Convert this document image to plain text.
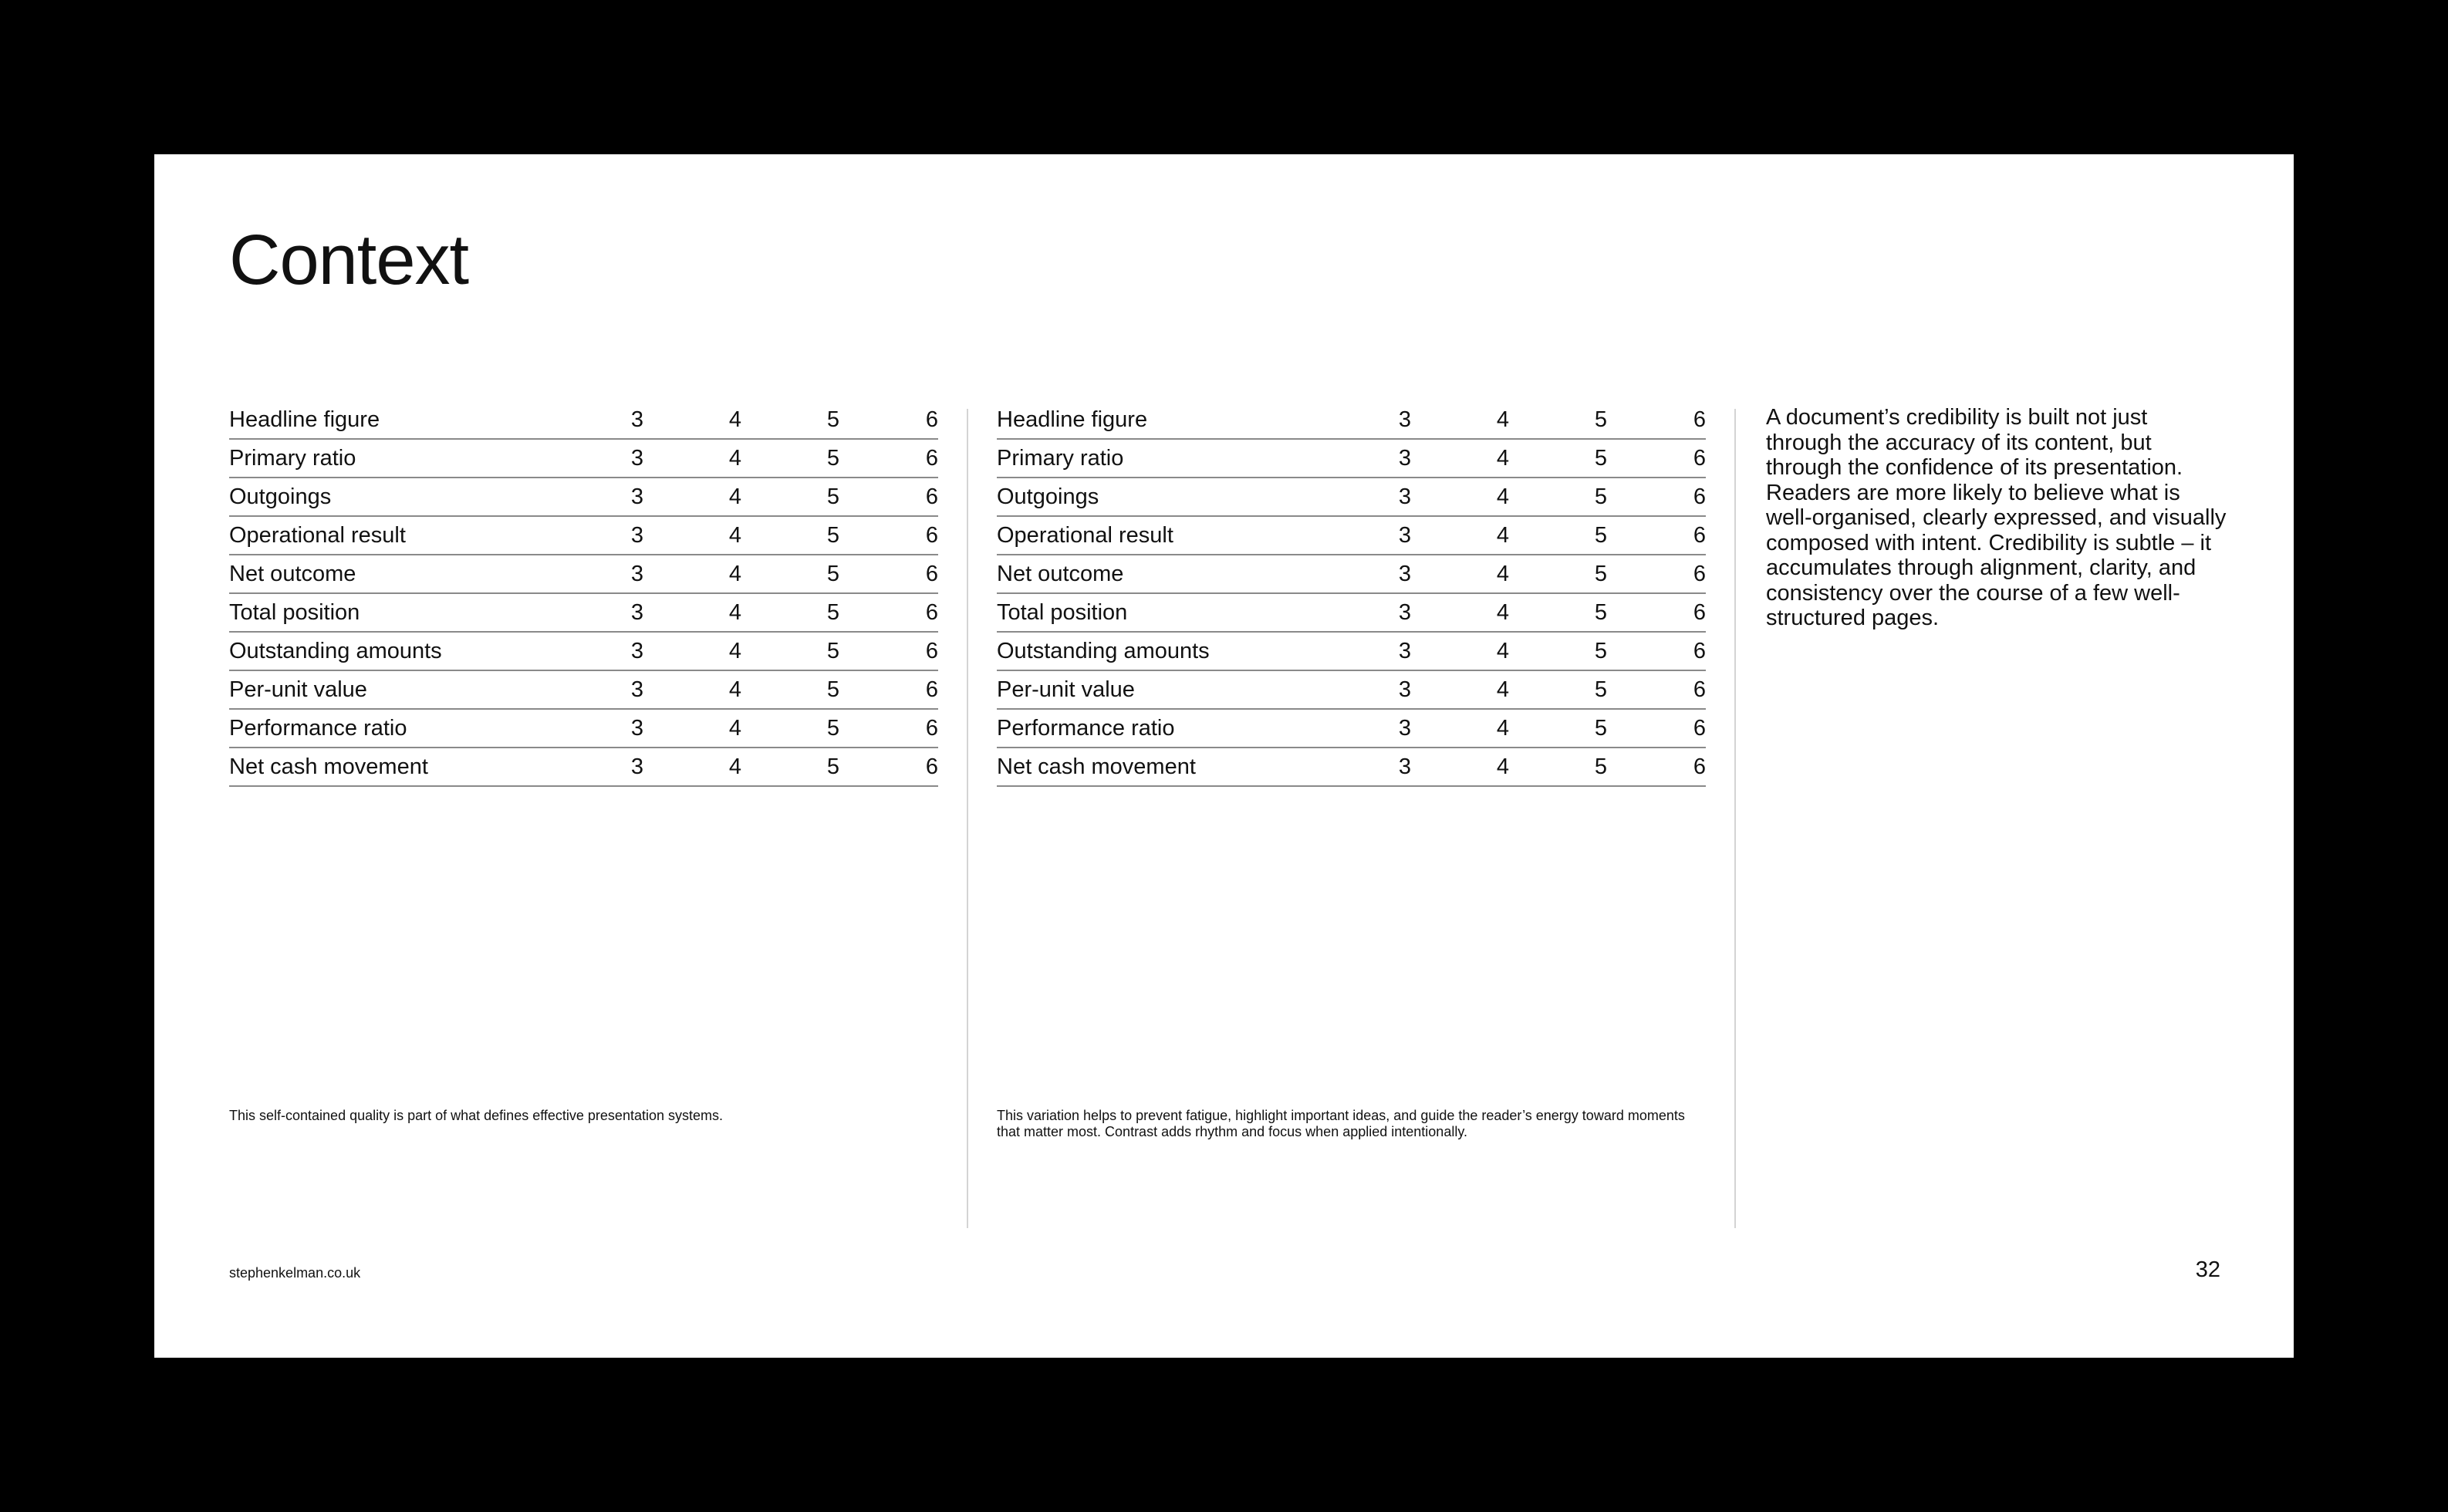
Context
Headline figure	3	4	5	6
Primary ratio	3	4	5	6
Outgoings	3	4	5	6
Operational result	3	4	5	6
Net outcome	3	4	5	6
Total position	3	4	5	6
Outstanding amounts	3	4	5	6
Per-unit value	3	4	5	6
Performance ratio	3	4	5	6
Net cash movement	3	4	5	6
Headline figure	3	4	5	6
Primary ratio	3	4	5	6
Outgoings	3	4	5	6
Operational result	3	4	5	6
Net outcome	3	4	5	6
Total position	3	4	5	6
Outstanding amounts	3	4	5	6
Per-unit value	3	4	5	6
Performance ratio	3	4	5	6
Net cash movement	3	4	5	6

A document’s credibility is built not just through the accuracy of its content, but through the confidence of its presentation. Readers are more likely to believe what is well-organised, clearly expressed, and visually composed with intent. Credibility is subtle – it accumulates through alignment, clarity, and consistency over the course of a few well-structured pages.

This self-contained quality is part of what defines effective presentation systems.	This variation helps to prevent fatigue, highlight important ideas, and guide the reader’s energy toward moments that matter most. Contrast adds rhythm and focus when applied intentionally.

stephenkelman.co.uk	32
